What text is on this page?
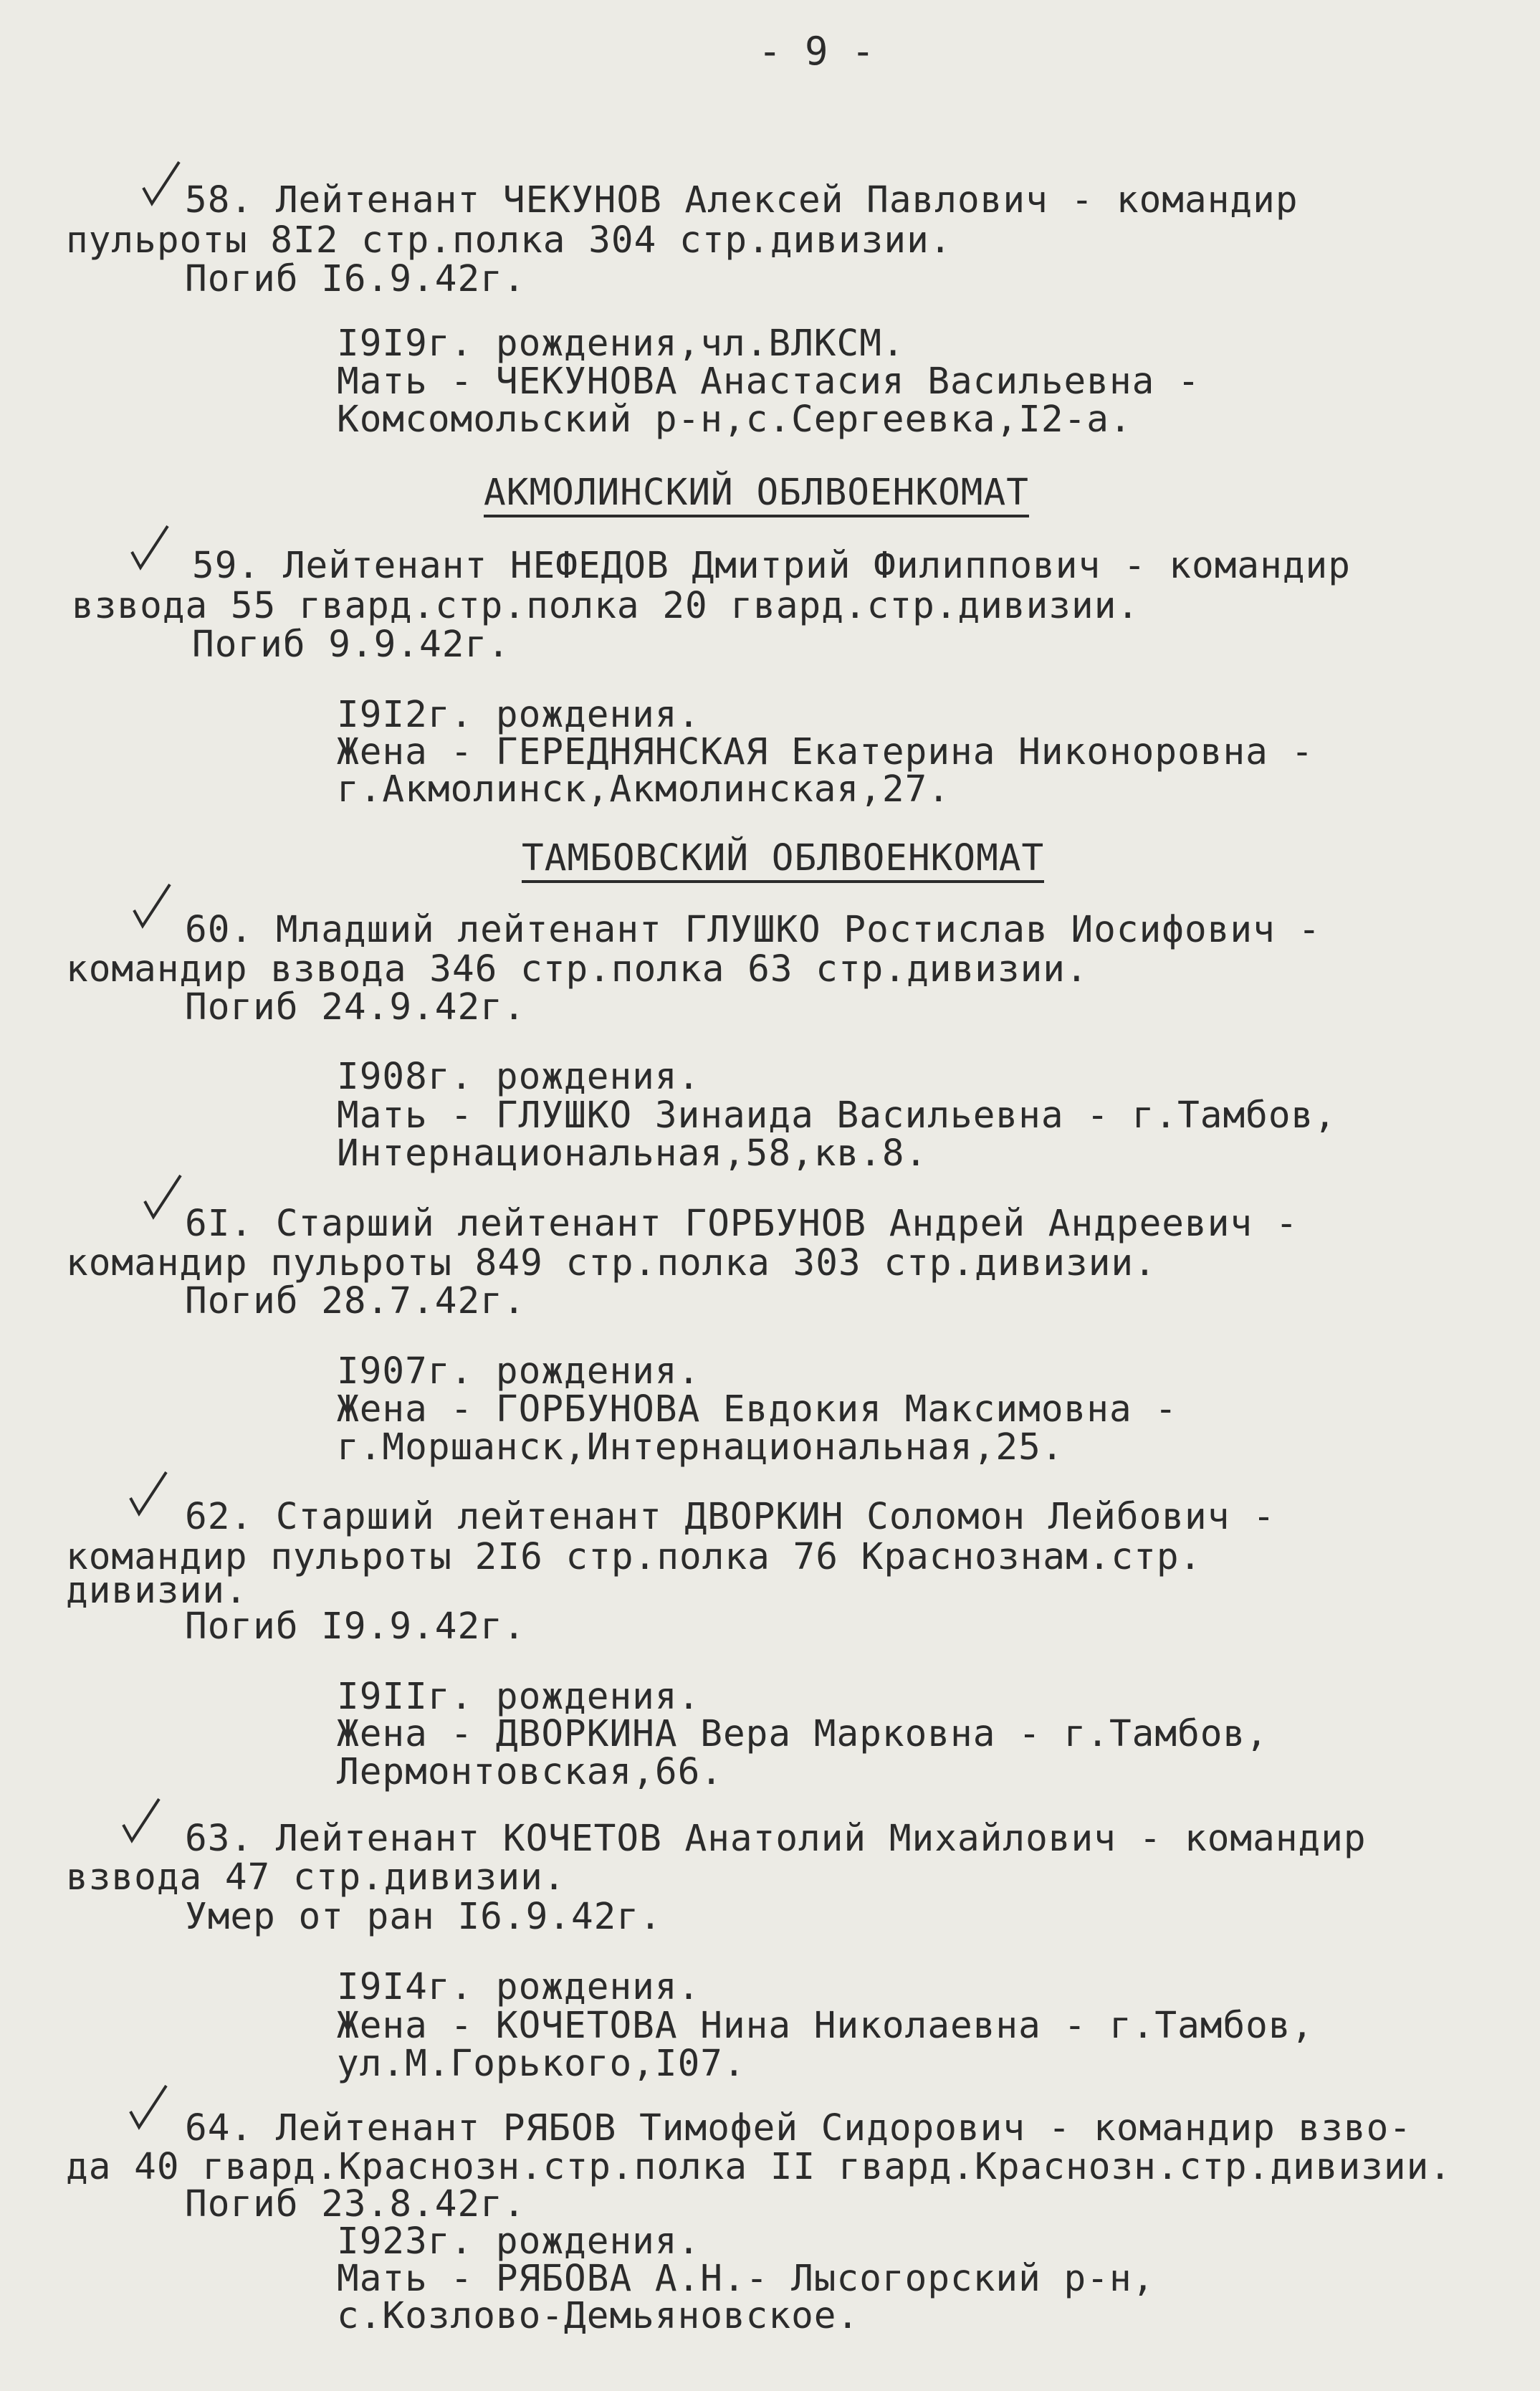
- 9 -
58. Лейтенант ЧЕКУНОВ Алексей Павлович - командир
пульроты 8I2 стр.полка 304 стр.дивизии.
Погиб I6.9.42г.
I9I9г. рождения,чл.ВЛКСМ.
Мать - ЧЕКУНОВА Анастасия Васильевна -
Комсомольский р-н,с.Сергеевка,I2-а.
АКМОЛИНСКИЙ ОБЛВОЕНКОМАТ
59. Лейтенант НЕФЕДОВ Дмитрий Филиппович - командир
взвода 55 гвард.стр.полка 20 гвард.стр.дивизии.
Погиб 9.9.42г.
I9I2г. рождения.
Жена - ГЕРЕДНЯНСКАЯ Екатерина Никоноровна -
г.Акмолинск,Акмолинская,27.
ТАМБОВСКИЙ ОБЛВОЕНКОМАТ
60. Младший лейтенант ГЛУШКО Ростислав Иосифович -
командир взвода 346 стр.полка 63 стр.дивизии.
Погиб 24.9.42г.
I908г. рождения.
Мать - ГЛУШКО Зинаида Васильевна - г.Тамбов,
Интернациональная,58,кв.8.
6I. Старший лейтенант ГОРБУНОВ Андрей Андреевич -
командир пульроты 849 стр.полка 303 стр.дивизии.
Погиб 28.7.42г.
I907г. рождения.
Жена - ГОРБУНОВА Евдокия Максимовна -
г.Моршанск,Интернациональная,25.
62. Старший лейтенант ДВОРКИН Соломон Лейбович -
командир пульроты 2I6 стр.полка 76 Краснознам.стр.
дивизии.
Погиб I9.9.42г.
I9IIг. рождения.
Жена - ДВОРКИНА Вера Марковна - г.Тамбов,
Лермонтовская,66.
63. Лейтенант КОЧЕТОВ Анатолий Михайлович - командир
взвода 47 стр.дивизии.
Умер от ран I6.9.42г.
I9I4г. рождения.
Жена - КОЧЕТОВА Нина Николаевна - г.Тамбов,
ул.М.Горького,I07.
64. Лейтенант РЯБОВ Тимофей Сидорович - командир взво-
да 40 гвард.Краснозн.стр.полка II гвард.Краснозн.стр.дивизии.
Погиб 23.8.42г.
I923г. рождения.
Мать - РЯБОВА А.Н.- Лысогорский р-н,
с.Козлово-Демьяновское.
